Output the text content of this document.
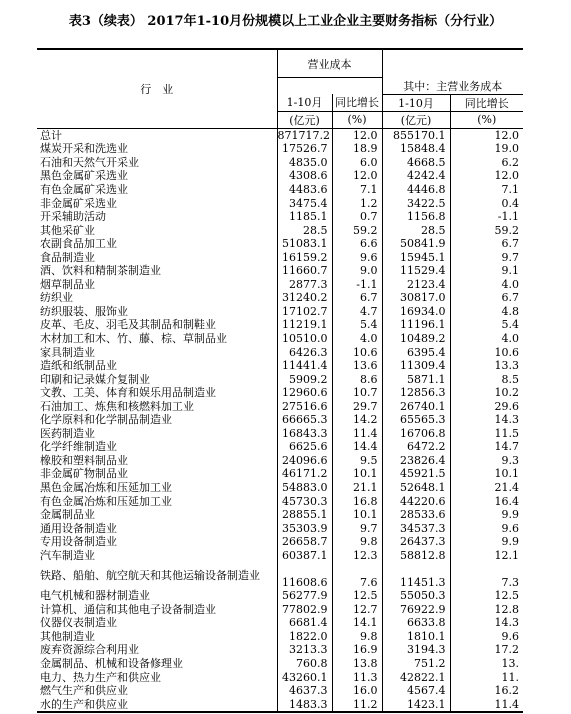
表3（续表） 2017年1-10月份规模以上工业企业主要财务指标（分行业）
行　业	营业成本			
			其中：主营业务成本	
	1-10月	同比增长	1-10月	同比增长
	(亿元)	(%)	(亿元)	(%)
总计	871717.2	12.0	855170.1	12.0
煤炭开采和洗选业	17526.7	18.9	15848.4	19.0
石油和天然气开采业	4835.0	6.0	4668.5	6.2
黑色金属矿采选业	4308.6	12.0	4242.4	12.0
有色金属矿采选业	4483.6	7.1	4446.8	7.1
非金属矿采选业	3475.4	1.2	3422.5	0.4
开采辅助活动	1185.1	0.7	1156.8	-1.1
其他采矿业	28.5	59.2	28.5	59.2
农副食品加工业	51083.1	6.6	50841.9	6.7
食品制造业	16159.2	9.6	15945.1	9.7
酒、饮料和精制茶制造业	11660.7	9.0	11529.4	9.1
烟草制品业	2877.3	-1.1	2123.4	4.0
纺织业	31240.2	6.7	30817.0	6.7
纺织服装、服饰业	17102.7	4.7	16934.0	4.8
皮革、毛皮、羽毛及其制品和制鞋业	11219.1	5.4	11196.1	5.4
木材加工和木、竹、藤、棕、草制品业	10510.0	4.0	10489.2	4.0
家具制造业	6426.3	10.6	6395.4	10.6
造纸和纸制品业	11441.4	13.6	11309.4	13.3
印刷和记录媒介复制业	5909.2	8.6	5871.1	8.5
文教、工美、体育和娱乐用品制造业	12960.6	10.7	12856.3	10.2
石油加工、炼焦和核燃料加工业	27516.6	29.7	26740.1	29.6
化学原料和化学制品制造业	66665.3	14.2	65565.3	14.3
医药制造业	16843.3	11.4	16706.8	11.5
化学纤维制造业	6625.6	14.4	6472.2	14.7
橡胶和塑料制品业	24096.6	9.5	23826.4	9.3
非金属矿物制品业	46171.2	10.1	45921.5	10.1
黑色金属冶炼和压延加工业	54883.0	21.1	52648.1	21.4
有色金属冶炼和压延加工业	45730.3	16.8	44220.6	16.4
金属制品业	28855.1	10.1	28533.6	9.9
通用设备制造业	35303.9	9.7	34537.3	9.6
专用设备制造业	26658.7	9.8	26437.3	9.9
汽车制造业	60387.1	12.3	58812.8	12.1
铁路、船舶、航空航天和其他运输设备制造业	11608.6	7.6	11451.3	7.3
电气机械和器材制造业	56277.9	12.5	55050.3	12.5
计算机、通信和其他电子设备制造业	77802.9	12.7	76922.9	12.8
仪器仪表制造业	6681.4	14.1	6633.8	14.3
其他制造业	1822.0	9.8	1810.1	9.6
废弃资源综合利用业	3213.3	16.9	3194.3	17.2
金属制品、机械和设备修理业	760.8	13.8	751.2	13.
电力、热力生产和供应业	43260.1	11.3	42822.1	11.
燃气生产和供应业	4637.3	16.0	4567.4	16.2
水的生产和供应业	1483.3	11.2	1423.1	11.4
